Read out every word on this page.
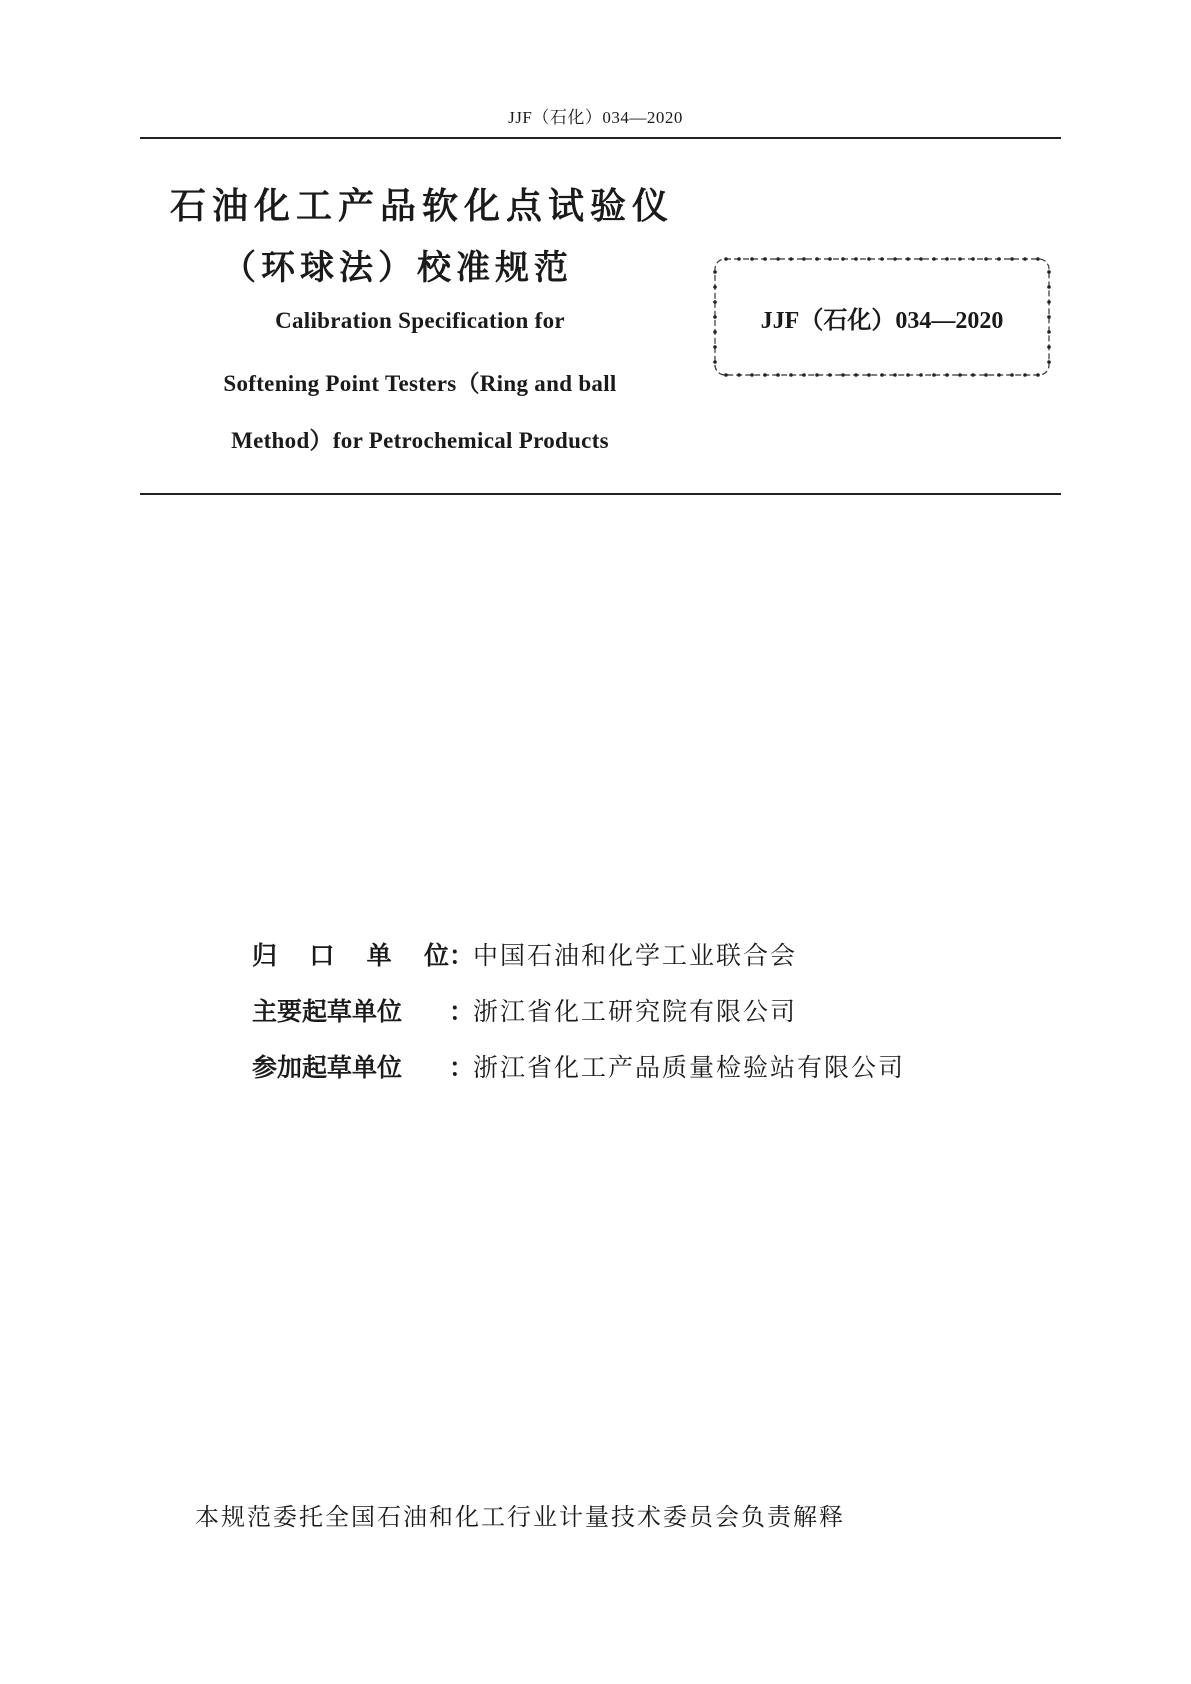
JJF（石化）034—2020
石油化工产品软化点试验仪
（环球法）校准规范
Calibration Specification for
Softening Point Testers（Ring and ball
Method）for Petrochemical Products
JJF（石化）034—2020
归 口 单 位 ：
中国石油和化学工业联合会
主要起草单位	：
浙江省化工研究院有限公司
参加起草单位	：
浙江省化工产品质量检验站有限公司
本规范委托全国石油和化工行业计量技术委员会负责解释
